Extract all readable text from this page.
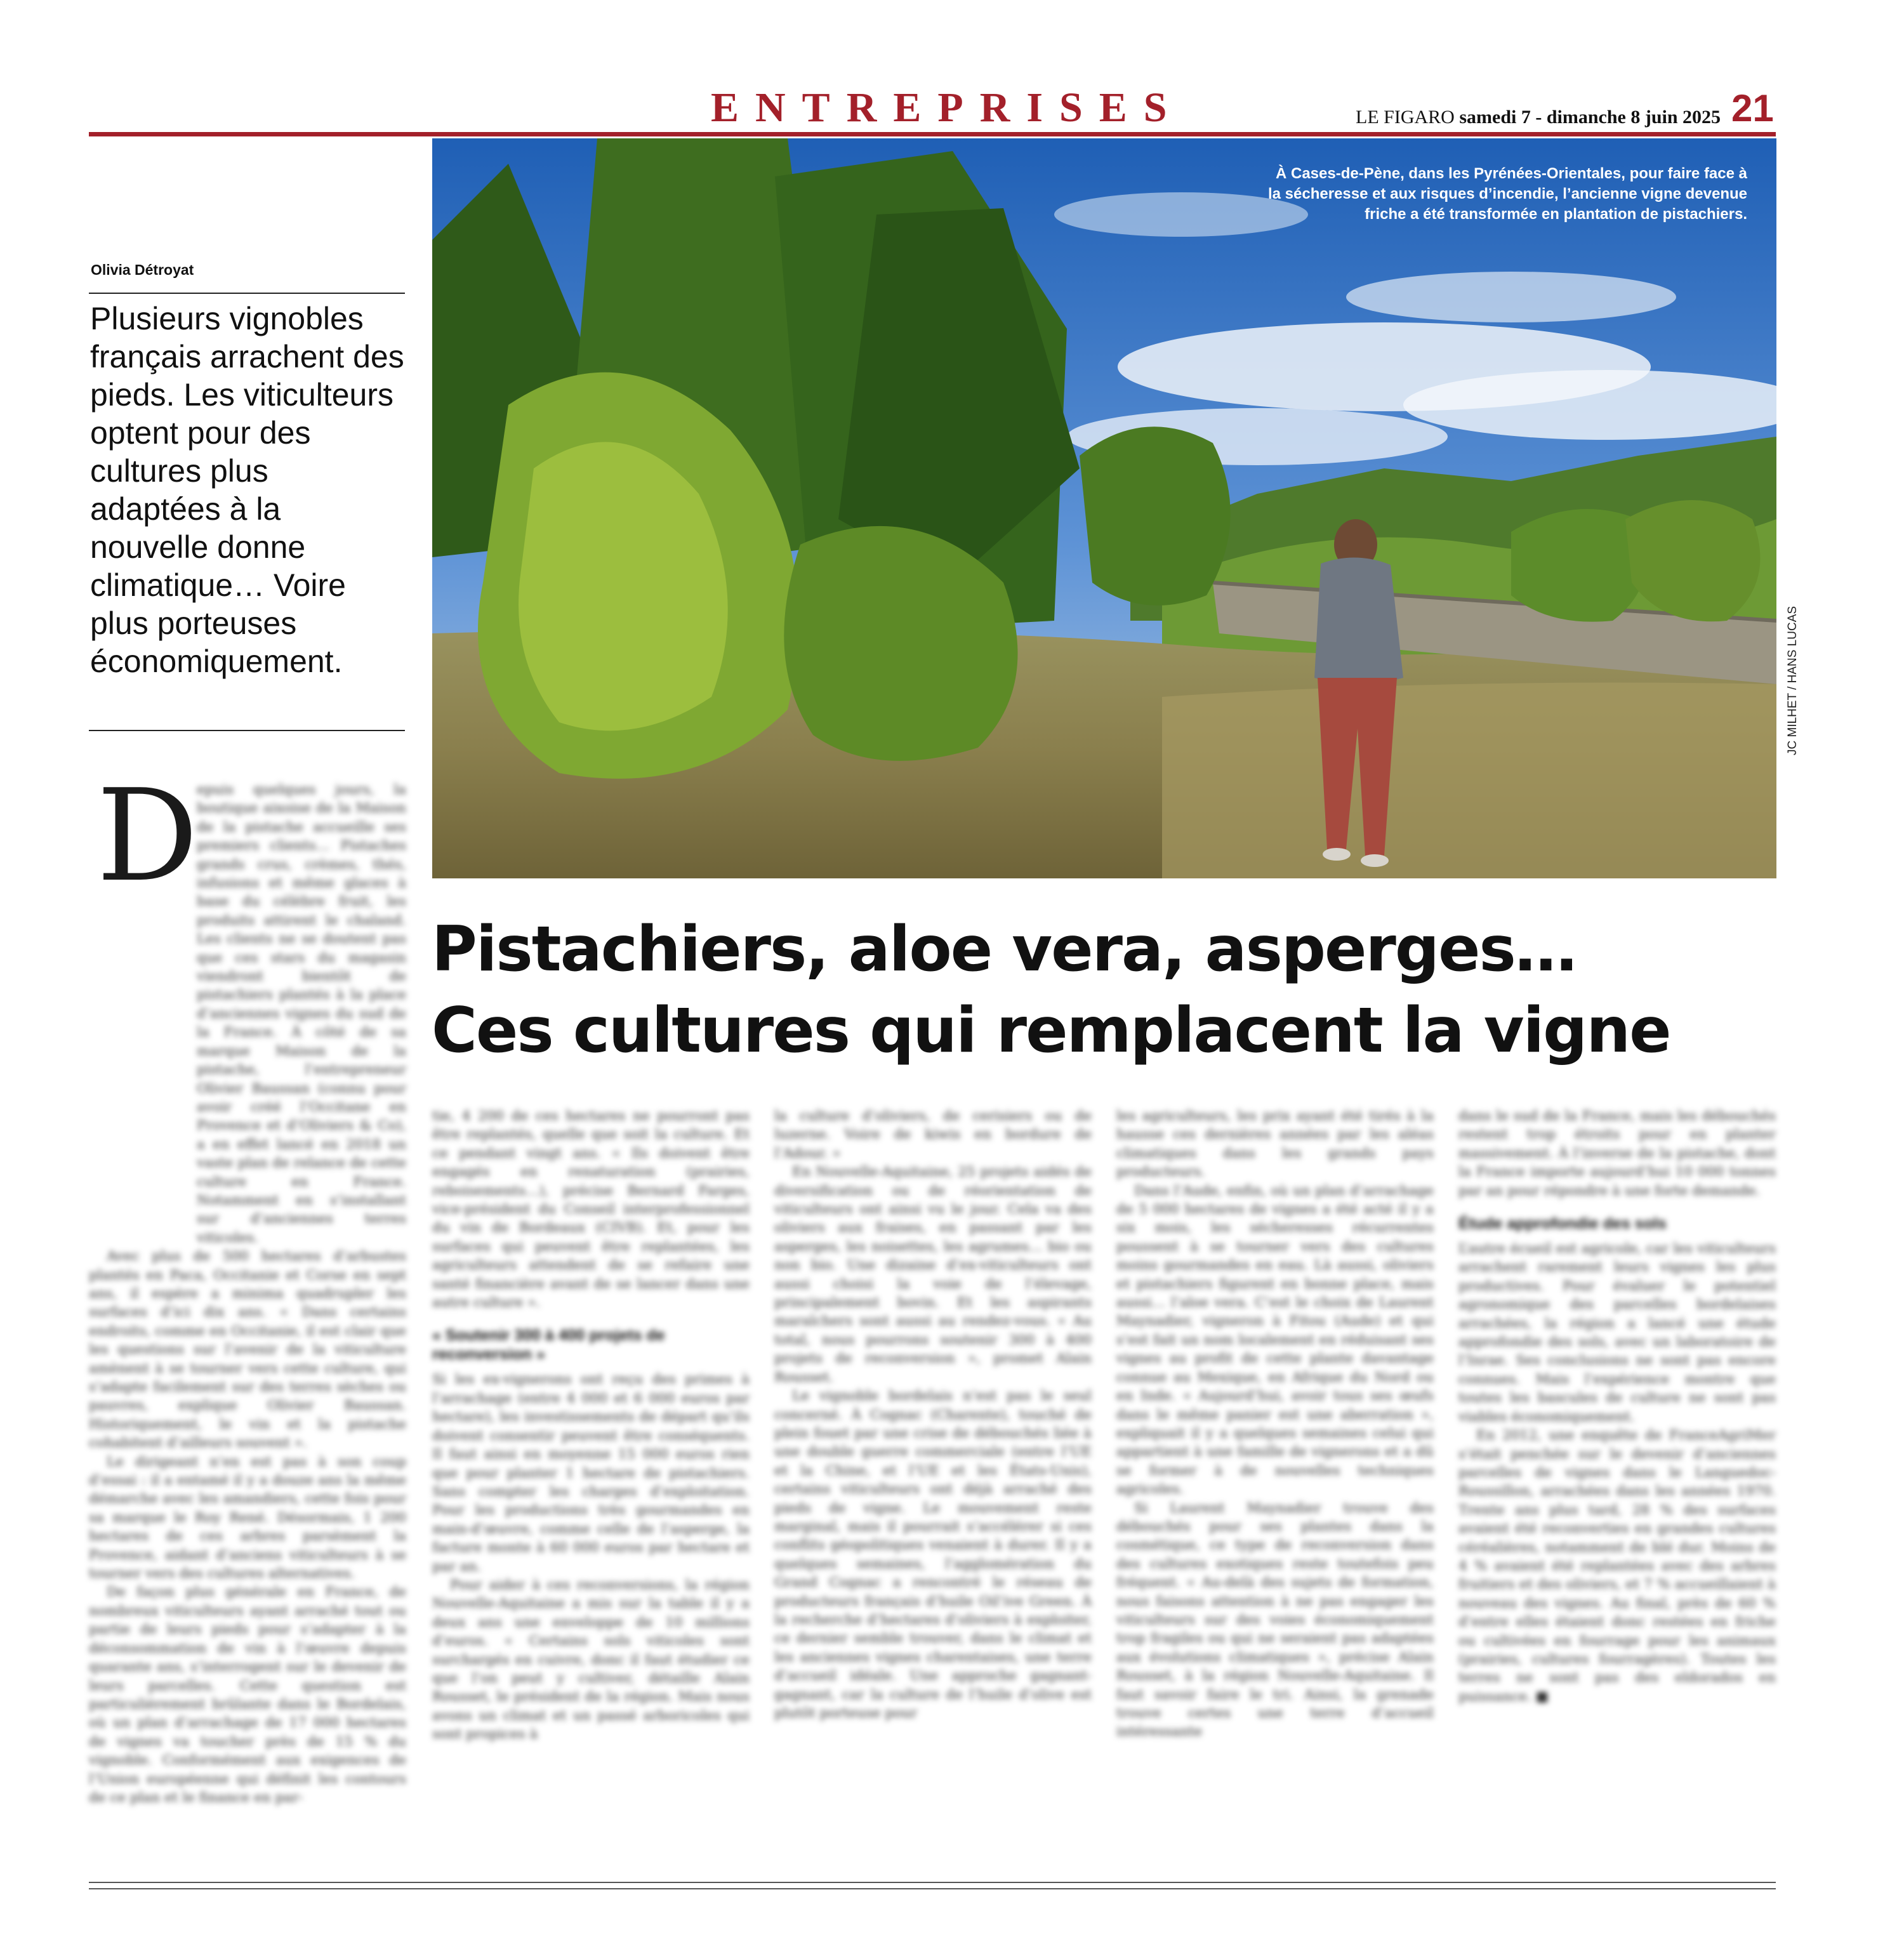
ENTREPRISES	LE FIGARO samedi 7 - dimanche 8 juin 2025 21
Olivia Détroyat
Plusieurs vignobles français arrachent des pieds. Les viticulteurs optent pour des cultures plus adaptées à la nouvelle donne climatique… Voire plus porteuses économiquement.
À Cases-de-Pène, dans les Pyrénées-Orientales, pour faire face à la sécheresse et aux risques d’incendie, l’ancienne vigne devenue friche a été transformée en plantation de pistachiers.
JC MILHET / HANS LUCAS
Pistachiers, aloe vera, asperges…
Ces cultures qui remplacent la vigne
D

epuis quelques jours, la boutique aixoise de la Maison de la pistache accueille ses premiers clients… Pistaches grands crus, crèmes, thés, infusions et même glaces à base du célèbre fruit, les produits attirent le chaland. Les clients ne se doutent pas que ces stars du magasin viendront bientôt de pistachiers plantés à la place d’anciennes vignes du sud de la France. À côté de sa marque Maison de la pistache, l’entrepreneur Olivier Baussan (connu pour avoir créé l’Occitane en Provence et d’Oliviers & Co), a en effet lancé en 2018 un vaste plan de relance de cette culture en France. Notamment en s’installant sur d’anciennes terres viticoles.

Avec plus de 500 hectares d’arbustes plantés en Paca, Occitanie et Corse en sept ans, il espère a minima quadrupler les surfaces d’ici dix ans. « Dans certains endroits, comme en Occitanie, il est clair que les questions sur l’avenir de la viticulture amènent à se tourner vers cette culture, qui s’adapte facilement sur des terres sèches ou pauvres, explique Olivier Baussan. Historiquement, le vin et la pistache cohabitent d’ailleurs souvent ».

Le dirigeant n’en est pas à son coup d’essai : il a entamé il y a douze ans la même démarche avec les amandiers, cette fois pour sa marque le Roy René. Désormais, 1 200 hectares de ces arbres parsèment la Provence, aidant d’anciens viticulteurs à se tourner vers des cultures alternatives.

De façon plus générale en France, de nombreux viticulteurs ayant arraché tout ou partie de leurs pieds pour s’adapter à la déconsommation de vin à l’œuvre depuis quarante ans, s’interrogent sur le devenir de leurs parcelles. Cette question est particulièrement brûlante dans le Bordelais, où un plan d’arrachage de 17 000 hectares de vignes va toucher près de 15 % du vignoble. Conformément aux exigences de l’Union européenne qui définit les contours de ce plan et le finance en par-

tie, 4 200 de ces hectares ne pourront pas être replantés, quelle que soit la culture. Et ce pendant vingt ans. « Ils doivent être engagés en renaturation (prairies, reboisements…), précise Bernard Farges, vice-président du Conseil interprofessionnel du vin de Bordeaux (CIVB). Et, pour les surfaces qui peuvent être replantées, les agriculteurs attendent de se refaire une santé financière avant de se lancer dans une autre culture ».

« Soutenir 300 à 400 projets de reconversion »

Si les ex-vignerons ont reçu des primes à l’arrachage (entre 4 000 et 6 000 euros par hectare), les investissements de départ qu’ils doivent consentir peuvent être conséquents. Il faut ainsi en moyenne 15 000 euros rien que pour planter 1 hectare de pistachiers. Sans compter les charges d’exploitation. Pour les productions très gourmandes en main-d’œuvre, comme celle de l’asperge, la facture monte à 60 000 euros par hectare et par an.

Pour aider à ces reconversions, la région Nouvelle-Aquitaine a mis sur la table il y a deux ans une enveloppe de 10 millions d’euros. « Certains sols viticoles sont surchargés en cuivre, donc il faut étudier ce que l’on peut y cultiver, détaille Alain Rousset, le président de la région. Mais nous avons un climat et un passé arboricoles qui sont propices à

la culture d’oliviers, de cerisiers ou de luzerne. Voire de kiwis en bordure de l’Adour. »

En Nouvelle-Aquitaine, 25 projets aidés de diversification ou de réorientation de viticulteurs ont ainsi vu le jour. Cela va des oliviers aux fraises, en passant par les asperges, les noisettes, les agrumes… bio ou non bio. Une dizaine d’ex-viticulteurs ont aussi choisi la voie de l’élevage, principalement bovin. Et les aspirants maraîchers sont aussi au rendez-vous. « Au total, nous pourrons soutenir 300 à 400 projets de reconversion », promet Alain Rousset.

Le vignoble bordelais n’est pas le seul concerné. À Cognac (Charente), touché de plein fouet par une crise de débouchés liée à une double guerre commerciale (entre l’UE et la Chine, et l’UE et les États-Unis), certains viticulteurs ont déjà arraché des pieds de vigne. Le mouvement reste marginal, mais il pourrait s’accélérer si ces conflits géopolitiques venaient à durer. Il y a quelques semaines, l’agglomération du Grand Cognac a rencontré le réseau de producteurs français d’huile Oil’ive Green. À la recherche d’hectares d’oliviers à exploiter, ce dernier semble trouver, dans le climat et les anciennes vignes charentaises, une terre d’accueil idéale. Une approche gagnant-gagnant, car la culture de l’huile d’olive est plutôt porteuse pour

les agriculteurs, les prix ayant été tirés à la hausse ces dernières années par les aléas climatiques dans les grands pays producteurs.

Dans l’Aude, enfin, où un plan d’arrachage de 5 000 hectares de vignes a été acté il y a six mois, les sécheresses récurrentes poussent à se tourner vers des cultures moins gourmandes en eau. Là aussi, oliviers et pistachiers figurent en bonne place, mais aussi… l’aloe vera. C’est le choix de Laurent Maynadier, vigneron à Fitou (Aude) et qui s’est fait un nom localement en réduisant ses vignes au profit de cette plante davantage connue au Mexique, en Afrique du Nord ou en Inde. « Aujourd’hui, avoir tous ses œufs dans le même panier est une aberration », expliquait il y a quelques semaines celui qui appartient à une famille de vignerons et a dû se former à de nouvelles techniques agricoles.

Si Laurent Maynadier trouve des débouchés pour ses plantes dans la cosmétique, ce type de reconversion dans des cultures exotiques reste toutefois peu fréquent. « Au-delà des sujets de formation, nous faisons attention à ne pas engager les viticulteurs sur des voies économiquement trop fragiles ou qui ne seraient pas adaptées aux évolutions climatiques », précise Alain Rousset, à la région Nouvelle-Aquitaine. Il faut savoir faire le tri. Ainsi, la grenade trouve certes une terre d’accueil intéressante

dans le sud de la France, mais les débouchés restent trop étroits pour en planter massivement. À l’inverse de la pistache, dont la France importe aujourd’hui 10 000 tonnes par an pour répondre à une forte demande.

Étude approfondie des sols

L’autre écueil est agricole, car les viticulteurs arrachent rarement leurs vignes les plus productives. Pour évaluer le potentiel agronomique des parcelles bordelaises arrachées, la région a lancé une étude approfondie des sols, avec un laboratoire de l’Inrae. Ses conclusions ne sont pas encore connues. Mais l’expérience montre que toutes les bascules de culture ne sont pas viables économiquement.

En 2012, une enquête de FranceAgriMer s’était penchée sur le devenir d’anciennes parcelles de vignes dans le Languedoc-Roussillon, arrachées dans les années 1970. Trente ans plus tard, 28 % des surfaces avaient été reconverties en grandes cultures céréalières, notamment de blé dur. Moins de 4 % avaient été replantées avec des arbres fruitiers et des oliviers, et 7 % accueillaient à nouveau des vignes. Au final, près de 60 % d’entre elles étaient donc restées en friche ou cultivées en fourrage pour les animaux (prairies, cultures fourragères). Toutes les terres ne sont pas des eldorados en puissance. ■
